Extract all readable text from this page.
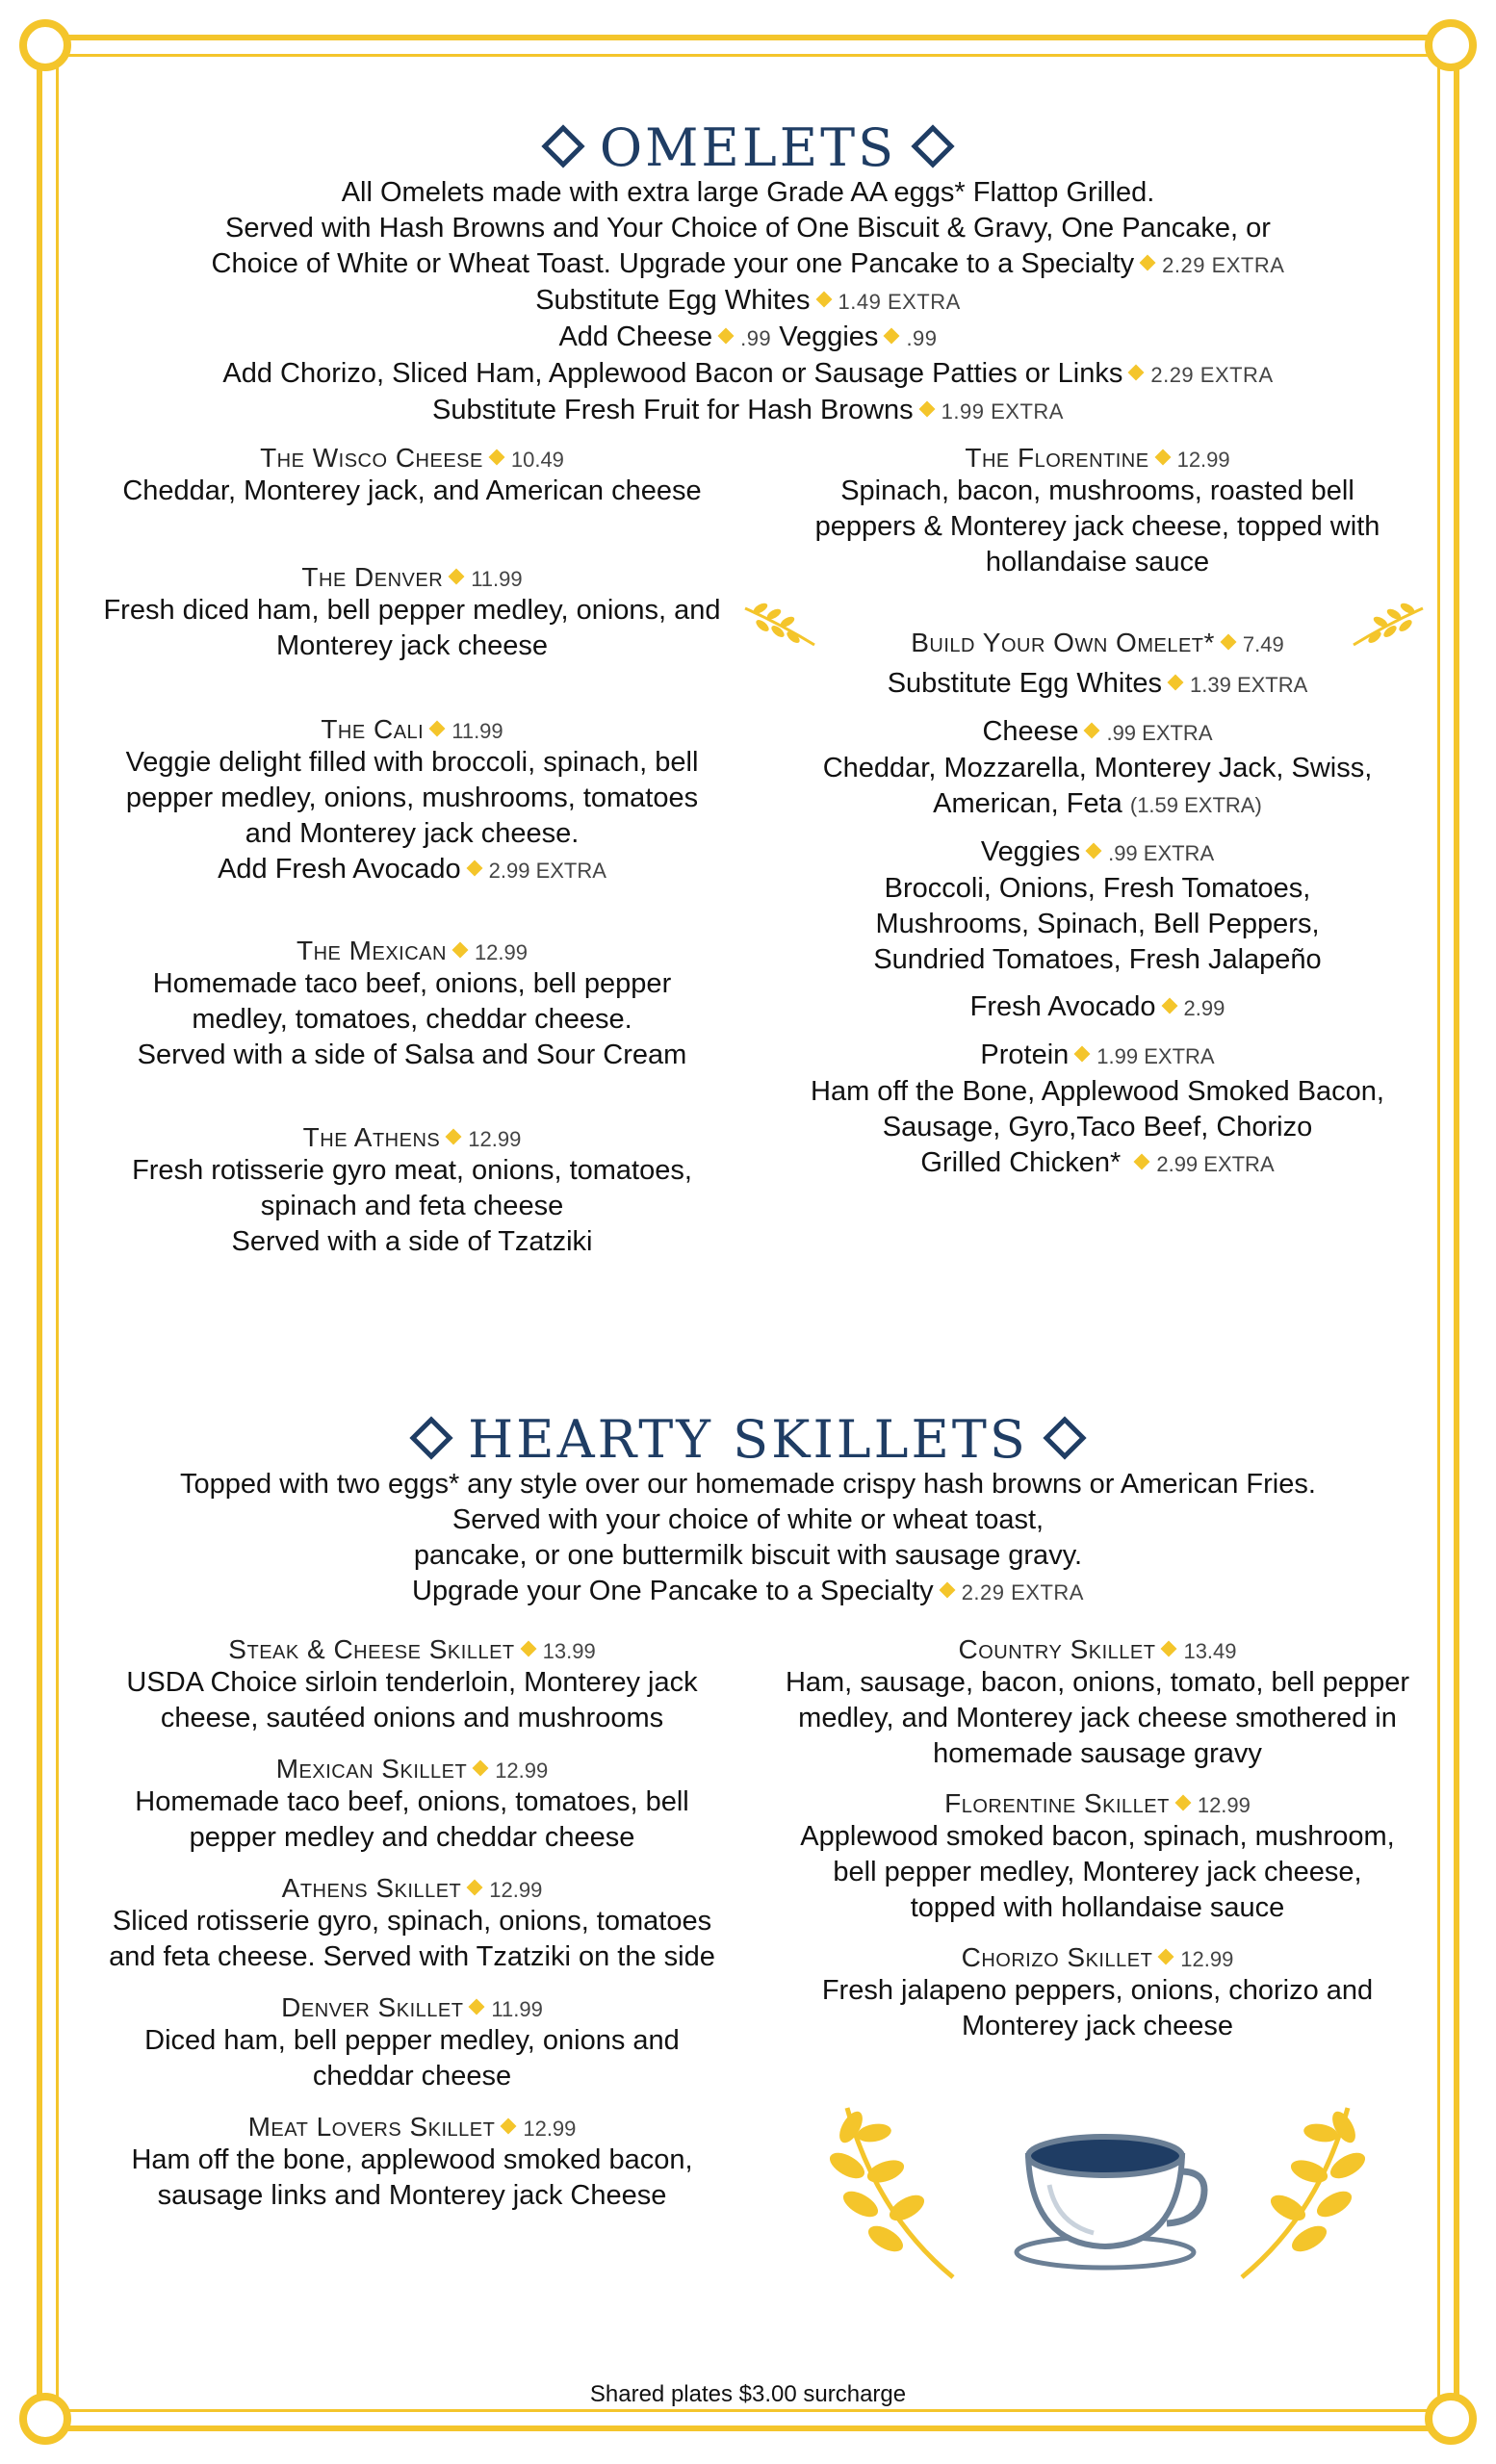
OMELETS
All Omelets made with extra large Grade AA eggs* Flattop Grilled.
Served with Hash Browns and Your Choice of One Biscuit & Gravy, One Pancake, or
Choice of White or Wheat Toast. Upgrade your one Pancake to a Specialty 2.29 EXTRA
Substitute Egg Whites 1.49 EXTRA
Add Cheese .99 Veggies .99
Add Chorizo, Sliced Ham, Applewood Bacon or Sausage Patties or Links 2.29 EXTRA
Substitute Fresh Fruit for Hash Browns 1.99 EXTRA
The Wisco Cheese 10.49
Cheddar, Monterey jack, and American cheese
The Denver 11.99
Fresh diced ham, bell pepper medley, onions, and
Monterey jack cheese
The Cali 11.99
Veggie delight filled with broccoli, spinach, bell
pepper medley, onions, mushrooms, tomatoes
and Monterey jack cheese.
Add Fresh Avocado 2.99 EXTRA
The Mexican 12.99
Homemade taco beef, onions, bell pepper
medley, tomatoes, cheddar cheese.
Served with a side of Salsa and Sour Cream
The Athens 12.99
Fresh rotisserie gyro meat, onions, tomatoes,
spinach and feta cheese
Served with a side of Tzatziki
The Florentine 12.99
Spinach, bacon, mushrooms, roasted bell
peppers & Monterey jack cheese, topped with
hollandaise sauce
Build Your Own Omelet* 7.49
Substitute Egg Whites 1.39 EXTRA
Cheese .99 EXTRA
Cheddar, Mozzarella, Monterey Jack, Swiss,
American, Feta (1.59 EXTRA)
Veggies .99 EXTRA
Broccoli, Onions, Fresh Tomatoes,
Mushrooms, Spinach, Bell Peppers,
Sundried Tomatoes, Fresh Jalapeño
Fresh Avocado 2.99
Protein 1.99 EXTRA
Ham off the Bone, Applewood Smoked Bacon,
Sausage, Gyro,Taco Beef, Chorizo
Grilled Chicken* 2.99 EXTRA
HEARTY SKILLETS
Topped with two eggs* any style over our homemade crispy hash browns or American Fries.
Served with your choice of white or wheat toast,
pancake, or one buttermilk biscuit with sausage gravy.
Upgrade your One Pancake to a Specialty 2.29 EXTRA
Steak & Cheese Skillet 13.99
USDA Choice sirloin tenderloin, Monterey jack
cheese, sautéed onions and mushrooms
Mexican Skillet 12.99
Homemade taco beef, onions, tomatoes, bell
pepper medley and cheddar cheese
Athens Skillet 12.99
Sliced rotisserie gyro, spinach, onions, tomatoes
and feta cheese. Served with Tzatziki on the side
Denver Skillet 11.99
Diced ham, bell pepper medley, onions and
cheddar cheese
Meat Lovers Skillet 12.99
Ham off the bone, applewood smoked bacon,
sausage links and Monterey jack Cheese
Country Skillet 13.49
Ham, sausage, bacon, onions, tomato, bell pepper
medley, and Monterey jack cheese smothered in
homemade sausage gravy
Florentine Skillet 12.99
Applewood smoked bacon, spinach, mushroom,
bell pepper medley, Monterey jack cheese,
topped with hollandaise sauce
Chorizo Skillet 12.99
Fresh jalapeno peppers, onions, chorizo and
Monterey jack cheese
Shared plates $3.00 surcharge
